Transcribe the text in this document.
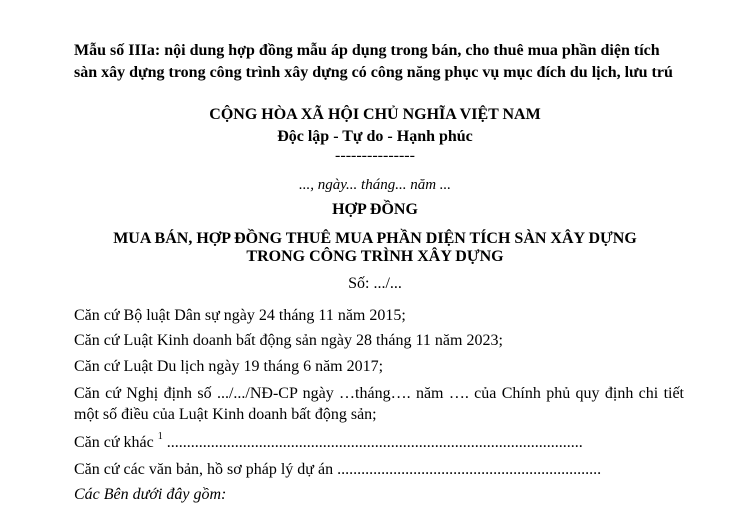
Mẫu số IIIa: nội dung hợp đồng mẫu áp dụng trong bán, cho thuê mua phần diện tích sàn xây dựng trong công trình xây dựng có công năng phục vụ mục đích du lịch, lưu trú

CỘNG HÒA XÃ HỘI CHỦ NGHĨA VIỆT NAM

Độc lập - Tự do - Hạnh phúc

---------------

..., ngày... tháng... năm ...

HỢP ĐỒNG

MUA BÁN, HỢP ĐỒNG THUÊ MUA PHẦN DIỆN TÍCH SÀN XÂY DỰNG
TRONG CÔNG TRÌNH XÂY DỰNG

Số: .../...

Căn cứ Bộ luật Dân sự ngày 24 tháng 11 năm 2015;

Căn cứ Luật Kinh doanh bất động sản ngày 28 tháng 11 năm 2023;

Căn cứ Luật Du lịch ngày 19 tháng 6 năm 2017;

Căn cứ Nghị định số .../.../NĐ-CP ngày …tháng…. năm …. của Chính phủ quy định chi tiết một số điều của Luật Kinh doanh bất động sản;

Căn cứ khác $^1$ ........................................................................................................

Căn cứ các văn bản, hồ sơ pháp lý dự án ..................................................................

Các Bên dưới đây gồm:
